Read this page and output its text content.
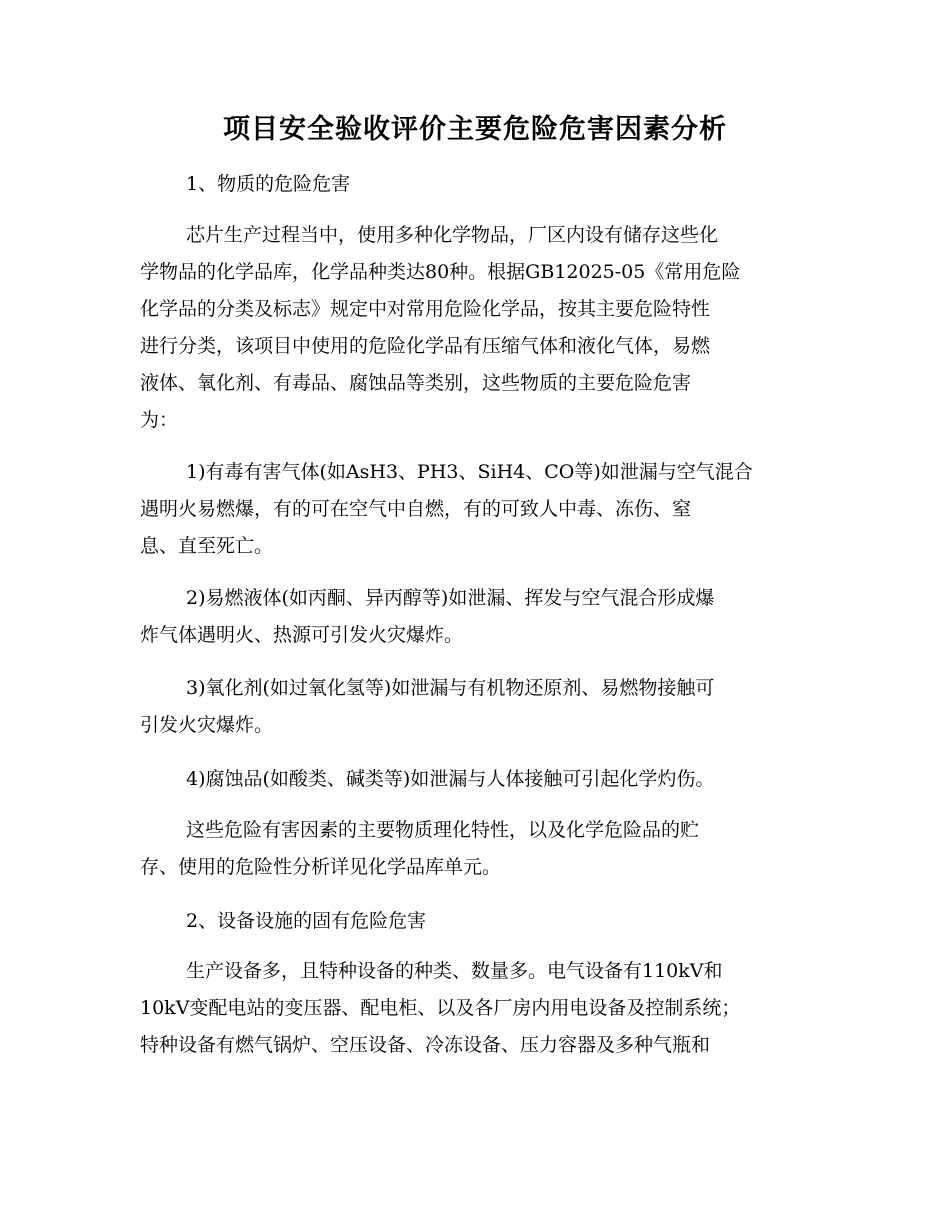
项目安全验收评价主要危险危害因素分析
1、物质的危险危害
芯片生产过程当中，使用多种化学物品，厂区内设有储存这些化
学物品的化学品库，化学品种类达80种。根据GB12025-05《常用危险
化学品的分类及标志》规定中对常用危险化学品，按其主要危险特性
进行分类，该项目中使用的危险化学品有压缩气体和液化气体，易燃
液体、氧化剂、有毒品、腐蚀品等类别，这些物质的主要危险危害
为：
1)有毒有害气体(如AsH3、PH3、SiH4、CO等)如泄漏与空气混合
遇明火易燃爆，有的可在空气中自燃，有的可致人中毒、冻伤、窒
息、直至死亡。
2)易燃液体(如丙酮、异丙醇等)如泄漏、挥发与空气混合形成爆
炸气体遇明火、热源可引发火灾爆炸。
3)氧化剂(如过氧化氢等)如泄漏与有机物还原剂、易燃物接触可
引发火灾爆炸。
4)腐蚀品(如酸类、碱类等)如泄漏与人体接触可引起化学灼伤。
这些危险有害因素的主要物质理化特性，以及化学危险品的贮
存、使用的危险性分析详见化学品库单元。
2、设备设施的固有危险危害
生产设备多，且特种设备的种类、数量多。电气设备有110kV和
10kV变配电站的变压器、配电柜、以及各厂房内用电设备及控制系统；
特种设备有燃气锅炉、空压设备、冷冻设备、压力容器及多种气瓶和
